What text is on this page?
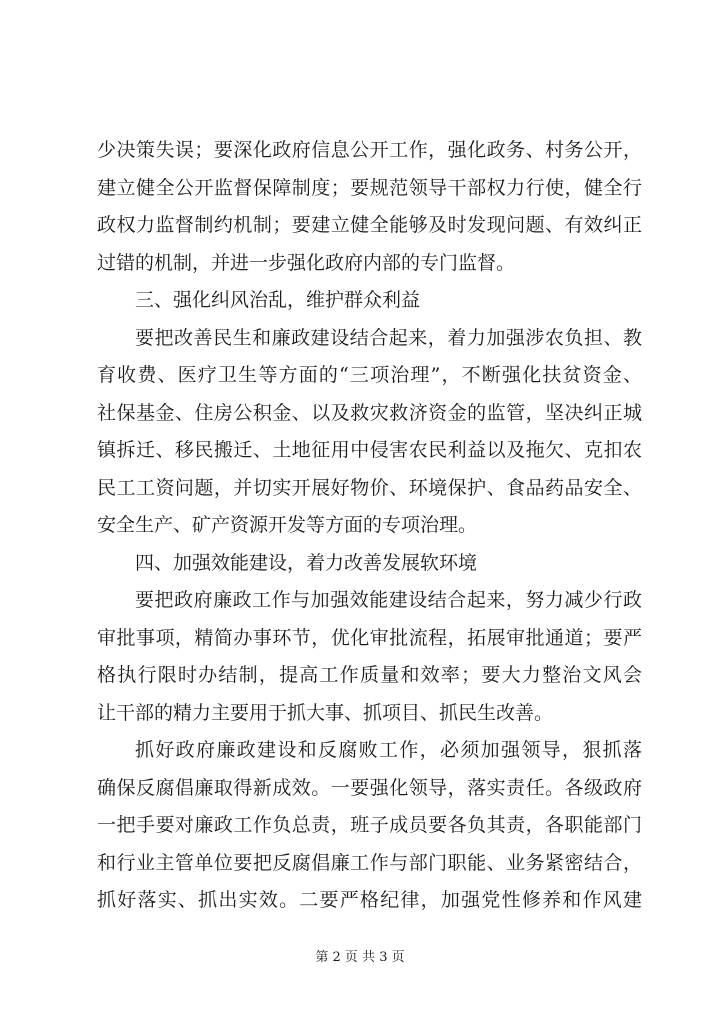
少决策失误；要深化政府信息公开工作，强化政务、村务公开，
建立健全公开监督保障制度；要规范领导干部权力行使，健全行
政权力监督制约机制；要建立健全能够及时发现问题、有效纠正
过错的机制，并进一步强化政府内部的专门监督。
三、强化纠风治乱，维护群众利益
要把改善民生和廉政建设结合起来，着力加强涉农负担、教
育收费、医疗卫生等方面的“三项治理”，不断强化扶贫资金、
社保基金、住房公积金、以及救灾救济资金的监管，坚决纠正城
镇拆迁、移民搬迁、土地征用中侵害农民利益以及拖欠、克扣农
民工工资问题，并切实开展好物价、环境保护、食品药品安全、
安全生产、矿产资源开发等方面的专项治理。
四、加强效能建设，着力改善发展软环境
要把政府廉政工作与加强效能建设结合起来，努力减少行政
审批事项，精简办事环节，优化审批流程，拓展审批通道；要严
格执行限时办结制，提高工作质量和效率；要大力整治文风会
让干部的精力主要用于抓大事、抓项目、抓民生改善。
抓好政府廉政建设和反腐败工作，必须加强领导，狠抓落
确保反腐倡廉取得新成效。一要强化领导，落实责任。各级政府
一把手要对廉政工作负总责，班子成员要各负其责，各职能部门
和行业主管单位要把反腐倡廉工作与部门职能、业务紧密结合，
抓好落实、抓出实效。二要严格纪律，加强党性修养和作风建
第 2 页 共 3 页
